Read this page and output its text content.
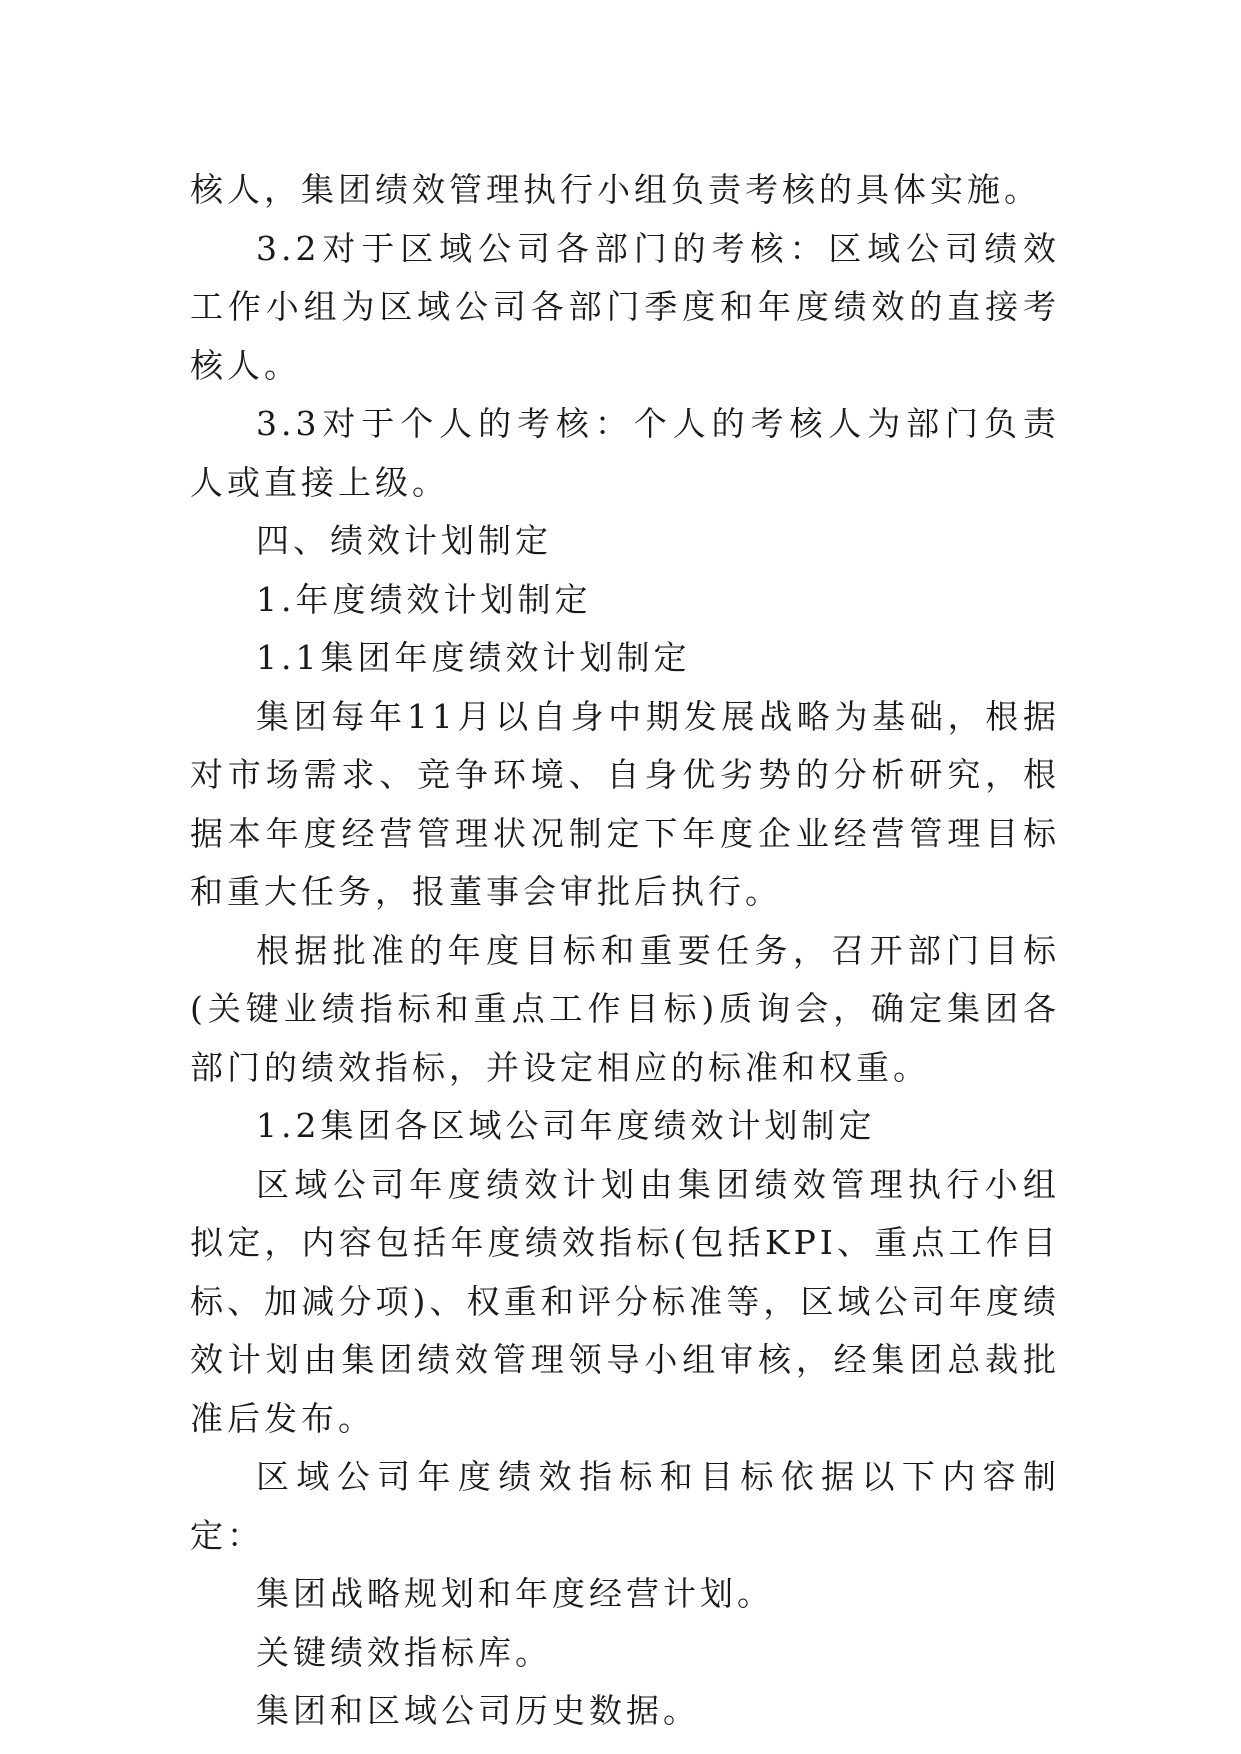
核人，集团绩效管理执行小组负责考核的具体实施。

3.2对于区域公司各部门的考核：区域公司绩效工作小组为区域公司各部门季度和年度绩效的直接考核人。

3.3对于个人的考核：个人的考核人为部门负责人或直接上级。

四、绩效计划制定

1.年度绩效计划制定

1.1集团年度绩效计划制定

集团每年11月以自身中期发展战略为基础，根据对市场需求、竞争环境、自身优劣势的分析研究，根据本年度经营管理状况制定下年度企业经营管理目标和重大任务，报董事会审批后执行。

根据批准的年度目标和重要任务，召开部门目标(关键业绩指标和重点工作目标)质询会，确定集团各部门的绩效指标，并设定相应的标准和权重。

1.2集团各区域公司年度绩效计划制定

区域公司年度绩效计划由集团绩效管理执行小组拟定，内容包括年度绩效指标(包括KPI、重点工作目标、加减分项)、权重和评分标准等，区域公司年度绩效计划由集团绩效管理领导小组审核，经集团总裁批准后发布。

区域公司年度绩效指标和目标依据以下内容制定：

集团战略规划和年度经营计划。

关键绩效指标库。

集团和区域公司历史数据。
